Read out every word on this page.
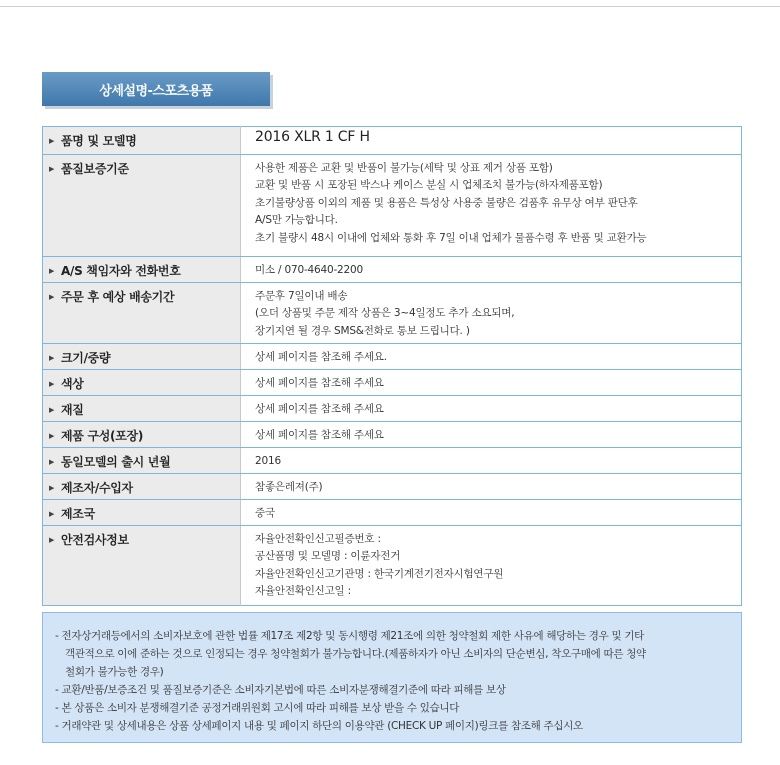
상세설명-스포츠용품
▶ 품명 및 모델명	2016 XLR 1 CF H

▶ 품질보증기준	사용한 제품은 교환 및 반품이 불가능(세탁 및 상표 제거 상품 포함)
교환 및 반품 시 포장된 박스나 케이스 분실 시 업체조치 불가능(하자제품포함)
초기불량상품 이외의 제품 및 용품은 특성상 사용중 불량은 검품후 유무상 여부 판단후
A/S만 가능합니다.
초기 불량시 48시 이내에 업체와 통화 후 7일 이내 업체가 물품수령 후 반품 및 교환가능

▶ A/S 책임자와 전화번호	미소 / 070-4640-2200

▶ 주문 후 예상 배송기간	주문후 7일이내 배송
(오더 상품및 주문 제작 상품은 3~4일정도 추가 소요되며,
장기지연 될 경우 SMS&전화로 통보 드립니다. )

▶ 크기/중량	상세 페이지를 참조해 주세요.

▶ 색상	상세 페이지를 참조해 주세요

▶ 재질	상세 페이지를 참조해 주세요

▶ 제품 구성(포장)	상세 페이지를 참조해 주세요

▶ 동일모델의 출시 년월	2016

▶ 제조자/수입자	참좋은레져(주)

▶ 제조국	중국

▶ 안전검사정보	자율안전확인신고필증번호 :
공산품명 및 모델명 : 이륜자전거
자율안전확인신고기관명 : 한국기계전기전자시험연구원
자율안전확인신고일 :
- 전자상거래등에서의 소비자보호에 관한 법률 제17조 제2항 및 동시행령 제21조에 의한 청약철회 제한 사유에 해당하는 경우 및 기타
객관적으로 이에 준하는 것으로 인정되는 경우 청약철회가 불가능합니다.(제품하자가 아닌 소비자의 단순변심, 착오구매에 따른 청약
철회가 불가능한 경우)
- 교환/반품/보증조건 및 품질보증기준은 소비자기본법에 따른 소비자분쟁해결기준에 따라 피해를 보상
- 본 상품은 소비자 분쟁해결기준 공정거래위원회 고시에 따라 피해를 보상 받을 수 있습니다
- 거래약관 및 상세내용은 상품 상세페이지 내용 및 페이지 하단의 이용약관 (CHECK UP 페이지)링크를 참조해 주십시오
